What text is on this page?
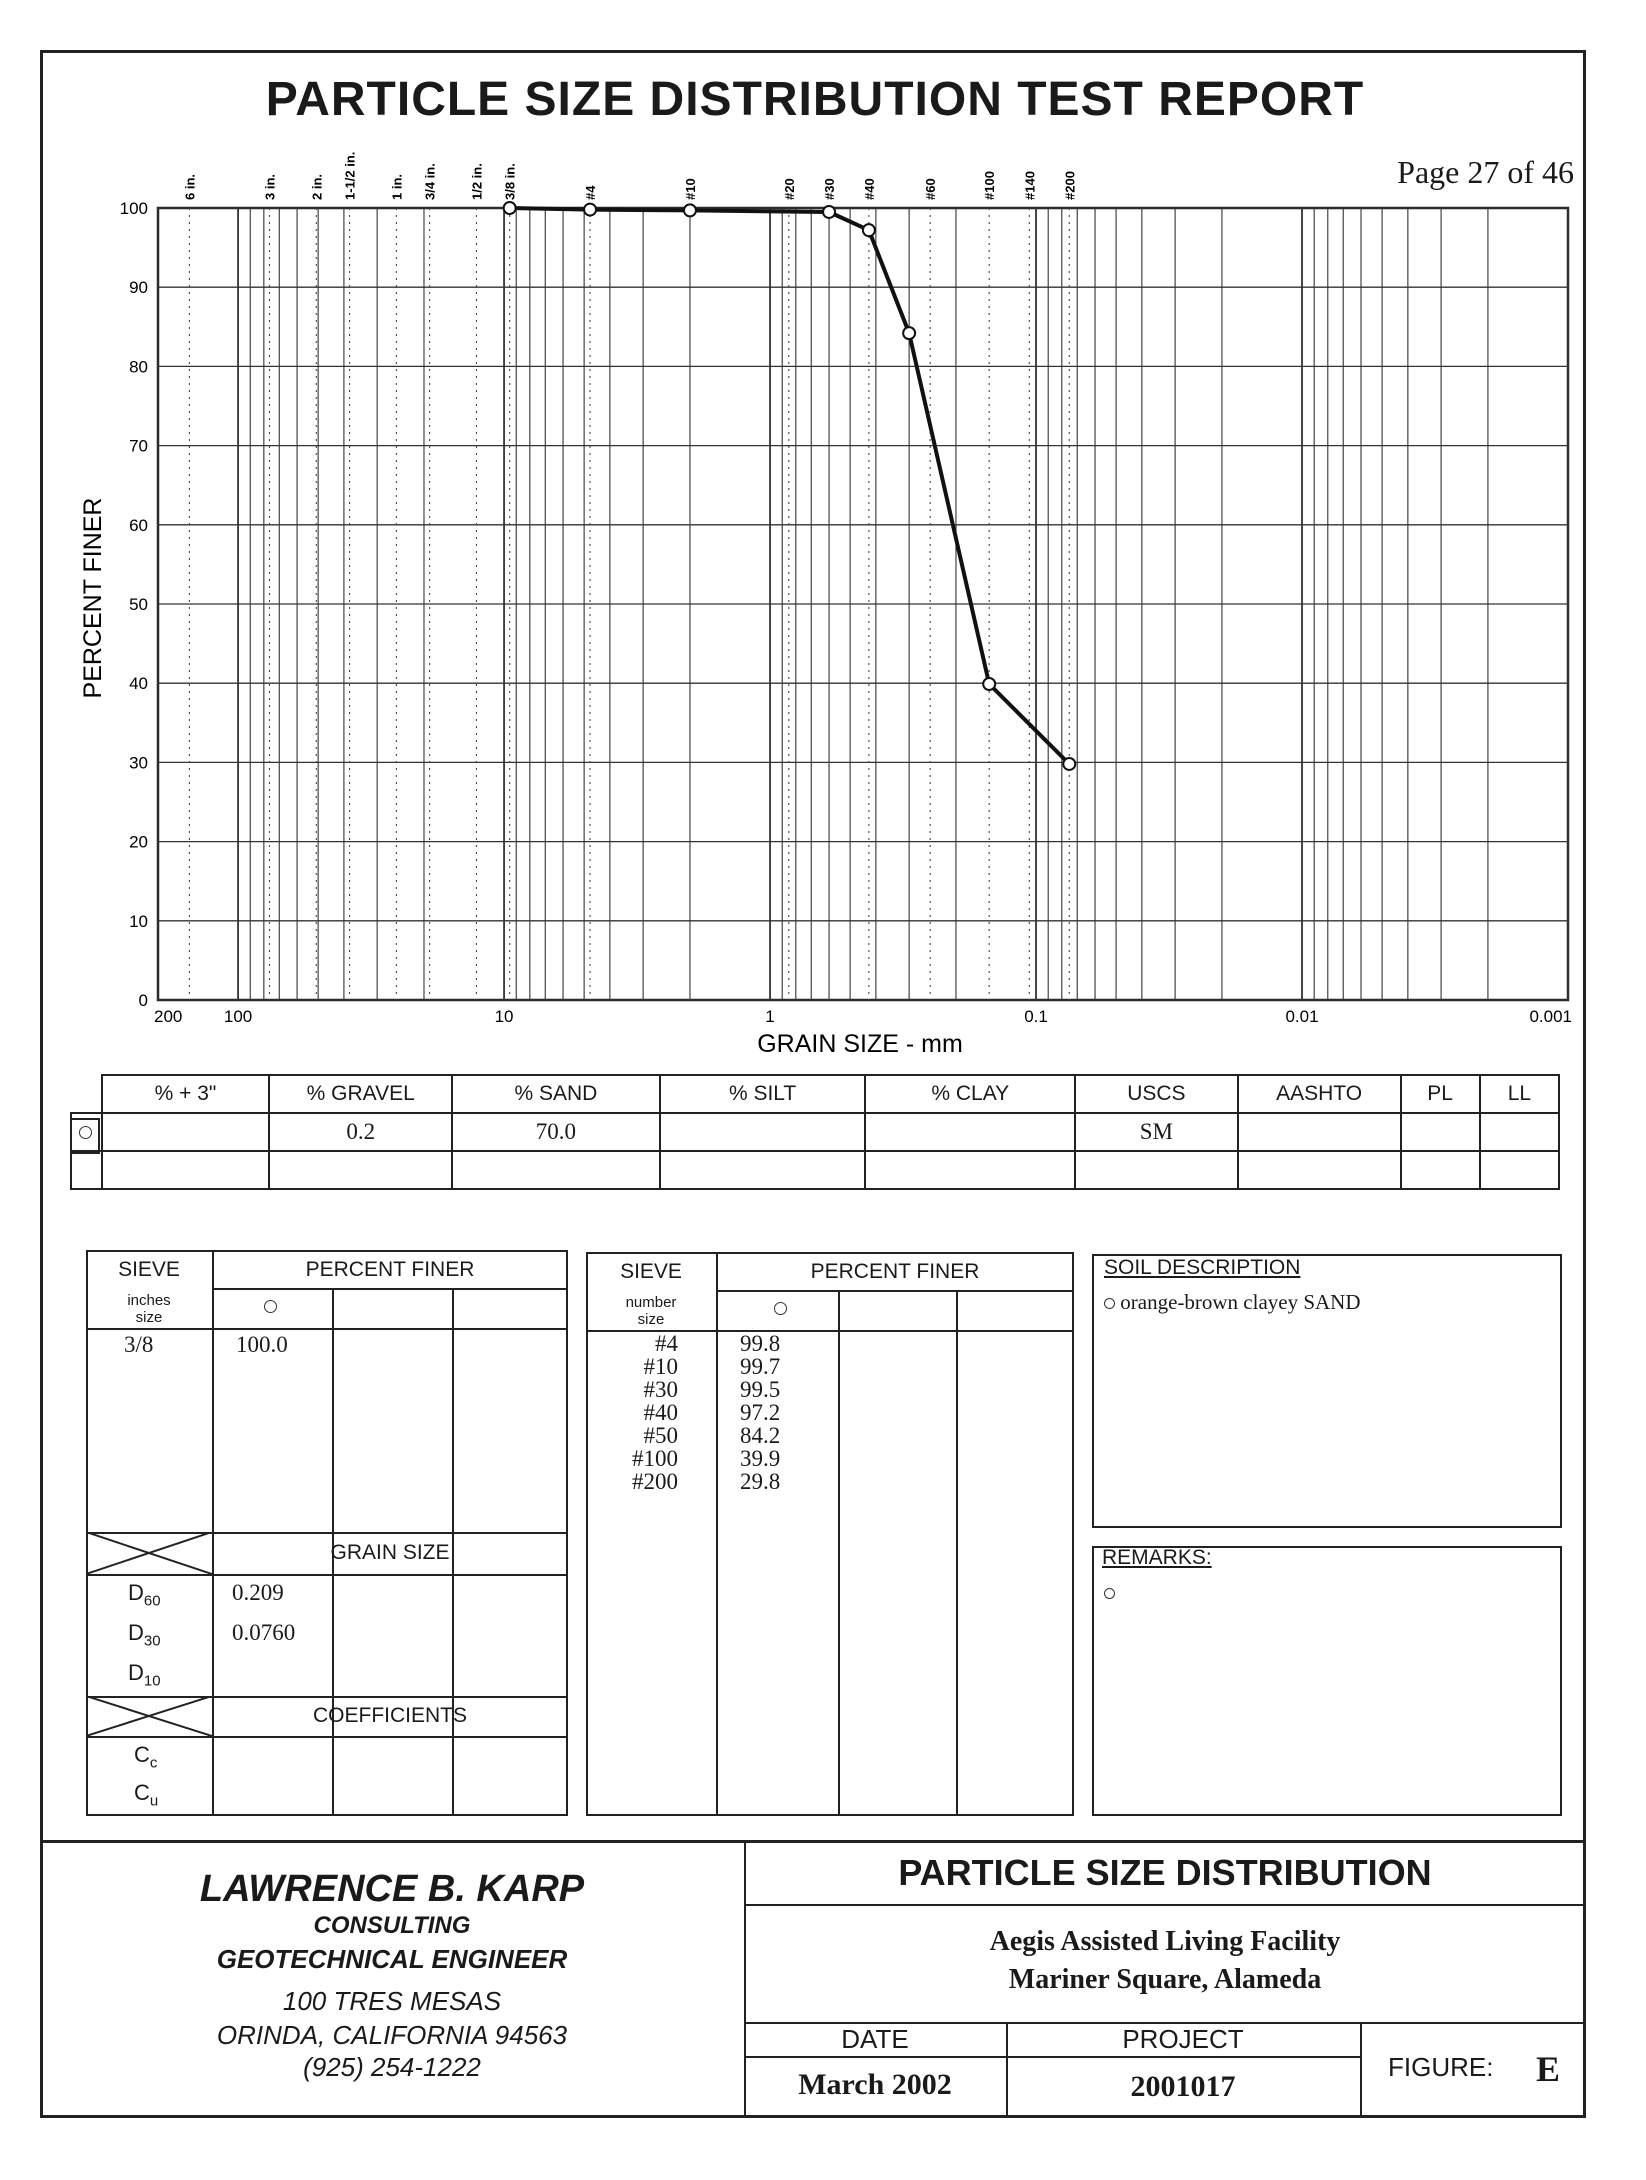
PARTICLE SIZE DISTRIBUTION TEST REPORT
Page 27 of 46
6 in.	3 in. 2 in. 1-1/2 in. 1 in. 3/4 in. 1/2 in. 3/8 in.	#4	#10	#20 #30 #40	#60	#100 #140 #200
0
10
20
30
40
50
60
70
80
90
100
200 100	10	1	0.1	0.01	0.001
GRAIN SIZE - mm
PERCENT FINER
	% + 3"	% GRAVEL	% SAND	% SILT	% CLAY	USCS	AASHTO	PL	LL
		0.2	70.0			SM			

SIEVE	PERCENT FINER
inches
size
3/8	100.0
GRAIN SIZE
$D_{60}$	0.209
$D_{30}$	0.0760
$D_{10}$
COEFFICIENTS
$C_c$
$C_u$
SIEVE	PERCENT FINER
number
size
#4	99.8
#10	99.7
#30	99.5
#40	97.2
#50	84.2
#100	39.9
#200	29.8
SOIL DESCRIPTION
orange-brown clayey SAND
REMARKS:
LAWRENCE B. KARP
CONSULTING
GEOTECHNICAL ENGINEER
100 TRES MESAS
ORINDA, CALIFORNIA 94563
(925) 254-1222
PARTICLE SIZE DISTRIBUTION
Aegis Assisted Living Facility
Mariner Square, Alameda
DATE
March 2002
PROJECT
2001017
FIGURE: E
